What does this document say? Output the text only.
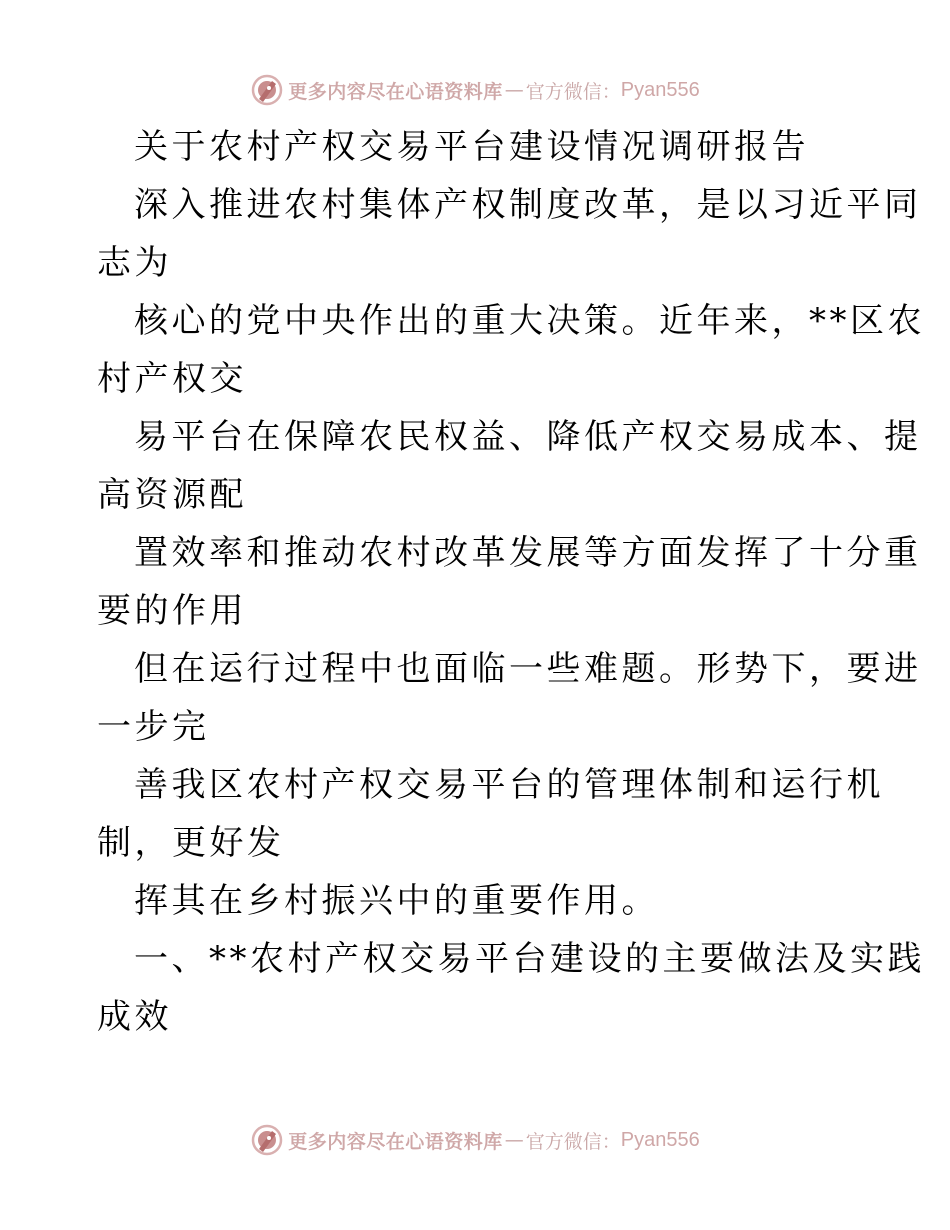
更多内容尽在心语资料库 — 官方微信： Pyan556
关于农村产权交易平台建设情况调研报告
深入推进农村集体产权制度改革，是以习近平同
志为
核心的党中央作出的重大决策。近年来，**区农
村产权交
易平台在保障农民权益、降低产权交易成本、提
高资源配
置效率和推动农村改革发展等方面发挥了十分重
要的作用
但在运行过程中也面临一些难题。形势下，要进
一步完
善我区农村产权交易平台的管理体制和运行机
制，更好发
挥其在乡村振兴中的重要作用。
一、**农村产权交易平台建设的主要做法及实践
成效
更多内容尽在心语资料库 — 官方微信： Pyan556
